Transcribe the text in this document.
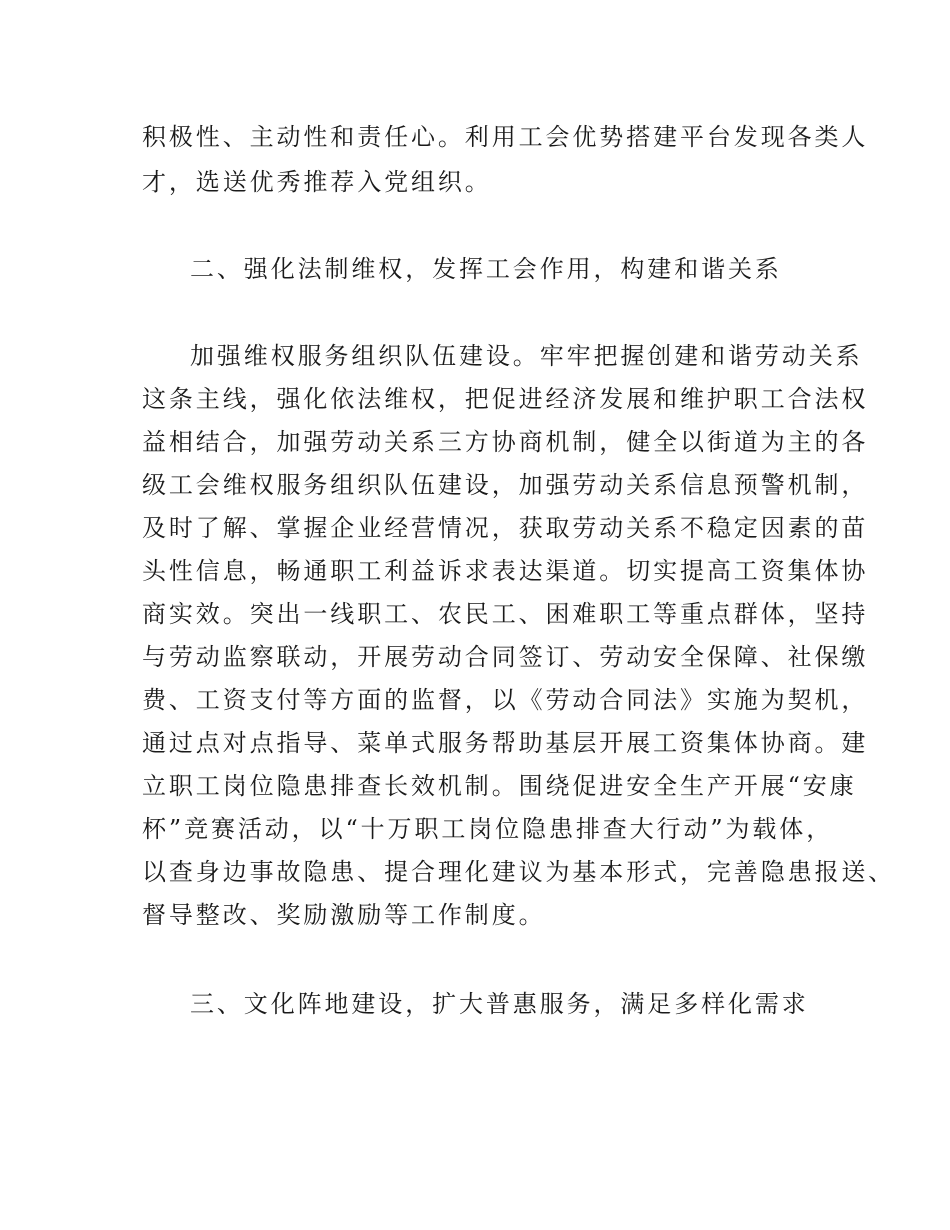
积极性、主动性和责任心。利用工会优势搭建平台发现各类人
才，选送优秀推荐入党组织。
二、强化法制维权，发挥工会作用，构建和谐关系
加强维权服务组织队伍建设。牢牢把握创建和谐劳动关系
这条主线，强化依法维权，把促进经济发展和维护职工合法权
益相结合，加强劳动关系三方协商机制，健全以街道为主的各
级工会维权服务组织队伍建设，加强劳动关系信息预警机制，
及时了解、掌握企业经营情况，获取劳动关系不稳定因素的苗
头性信息，畅通职工利益诉求表达渠道。切实提高工资集体协
商实效。突出一线职工、农民工、困难职工等重点群体，坚持
与劳动监察联动，开展劳动合同签订、劳动安全保障、社保缴
费、工资支付等方面的监督，以《劳动合同法》实施为契机，
通过点对点指导、菜单式服务帮助基层开展工资集体协商。建
立职工岗位隐患排查长效机制。围绕促进安全生产开展“安康
杯”竞赛活动，以“十万职工岗位隐患排查大行动”为载体，
以查身边事故隐患、提合理化建议为基本形式，完善隐患报送、
督导整改、奖励激励等工作制度。
三、文化阵地建设，扩大普惠服务，满足多样化需求
